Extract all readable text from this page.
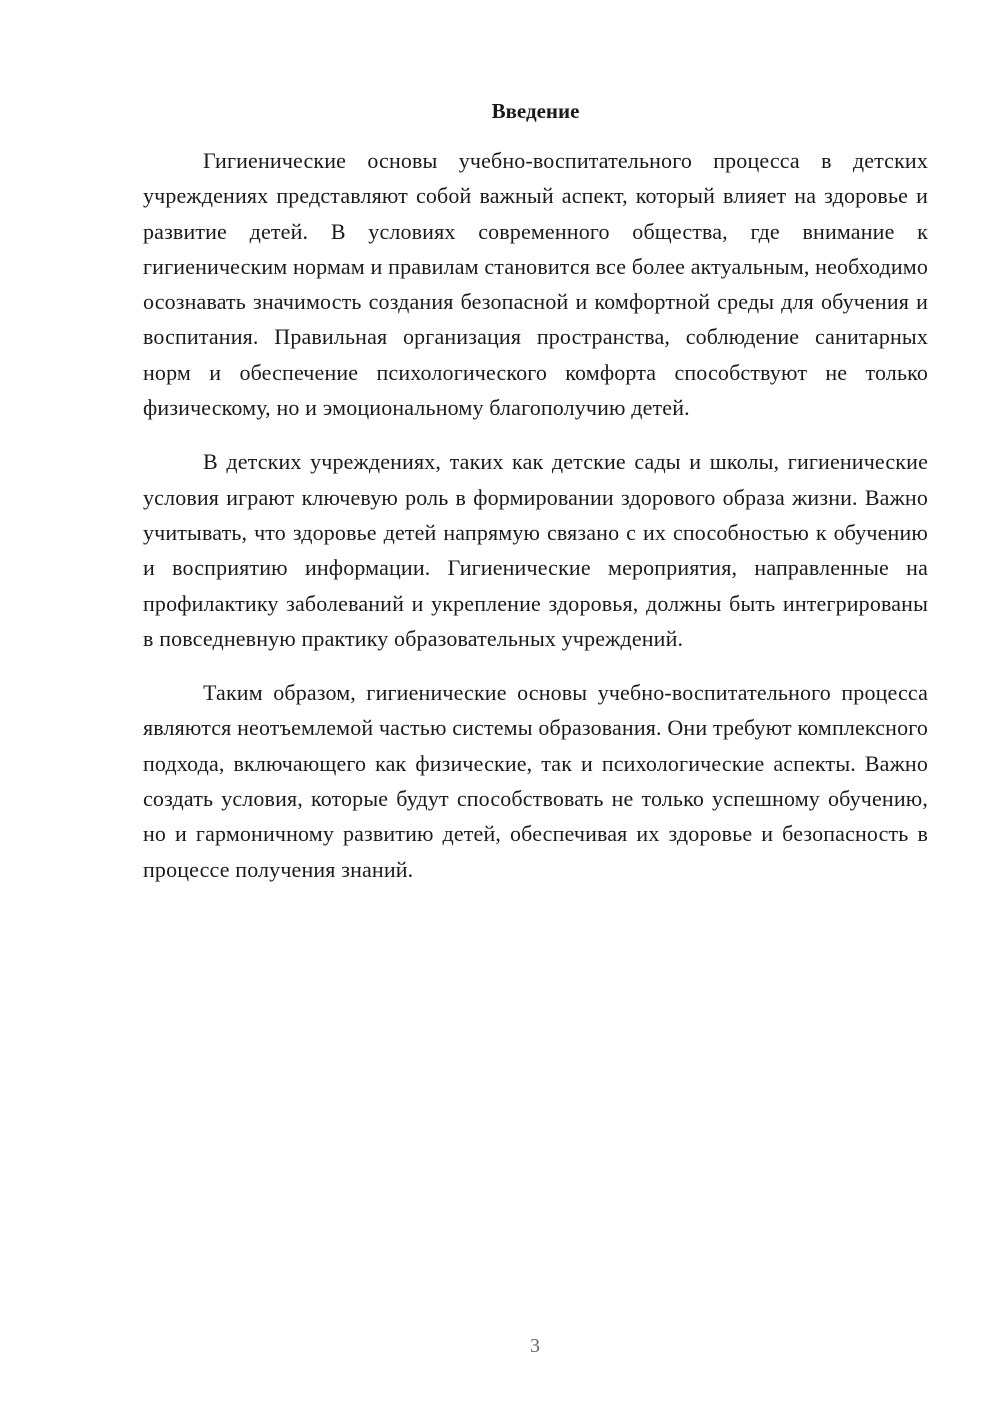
Введение

Гигиенические основы учебно-воспитательного процесса в детских учреждениях представляют собой важный аспект, который влияет на здоровье и развитие детей. В условиях современного общества, где внимание к гигиеническим нормам и правилам становится все более актуальным, необходимо осознавать значимость создания безопасной и комфортной среды для обучения и воспитания. Правильная организация пространства, соблюдение санитарных норм и обеспечение психологического комфорта способствуют не только физическому, но и эмоциональному благополучию детей.

В детских учреждениях, таких как детские сады и школы, гигиенические условия играют ключевую роль в формировании здорового образа жизни. Важно учитывать, что здоровье детей напрямую связано с их способностью к обучению и восприятию информации. Гигиенические мероприятия, направленные на профилактику заболеваний и укрепление здоровья, должны быть интегрированы в повседневную практику образовательных учреждений.

Таким образом, гигиенические основы учебно-воспитательного процесса являются неотъемлемой частью системы образования. Они требуют комплексного подхода, включающего как физические, так и психологические аспекты. Важно создать условия, которые будут способствовать не только успешному обучению, но и гармоничному развитию детей, обеспечивая их здоровье и безопасность в процессе получения знаний.

3
